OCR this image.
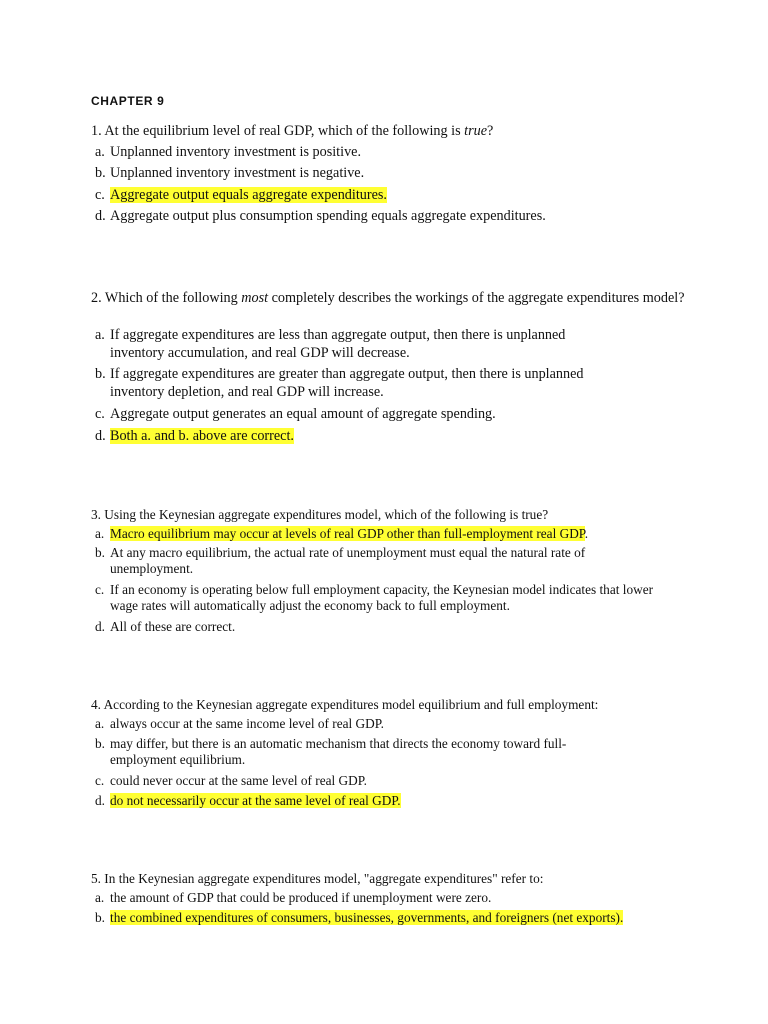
CHAPTER 9
1. At the equilibrium level of real GDP, which of the following is true?
a. Unplanned inventory investment is positive.
b. Unplanned inventory investment is negative.
c. Aggregate output equals aggregate expenditures.
d. Aggregate output plus consumption spending equals aggregate expenditures.
2. Which of the following most completely describes the workings of the aggregate expenditures model?
a. If aggregate expenditures are less than aggregate output, then there is unplanned inventory accumulation, and real GDP will decrease.
b. If aggregate expenditures are greater than aggregate output, then there is unplanned inventory depletion, and real GDP will increase.
c. Aggregate output generates an equal amount of aggregate spending.
d. Both a. and b. above are correct.
3. Using the Keynesian aggregate expenditures model, which of the following is true?
a. Macro equilibrium may occur at levels of real GDP other than full-employment real GDP.
b. At any macro equilibrium, the actual rate of unemployment must equal the natural rate of unemployment.
c. If an economy is operating below full employment capacity, the Keynesian model indicates that lower wage rates will automatically adjust the economy back to full employment.
d. All of these are correct.
4. According to the Keynesian aggregate expenditures model equilibrium and full employment:
a. always occur at the same income level of real GDP.
b. may differ, but there is an automatic mechanism that directs the economy toward full-employment equilibrium.
c. could never occur at the same level of real GDP.
d. do not necessarily occur at the same level of real GDP.
5. In the Keynesian aggregate expenditures model, "aggregate expenditures" refer to:
a. the amount of GDP that could be produced if unemployment were zero.
b. the combined expenditures of consumers, businesses, governments, and foreigners (net exports).
